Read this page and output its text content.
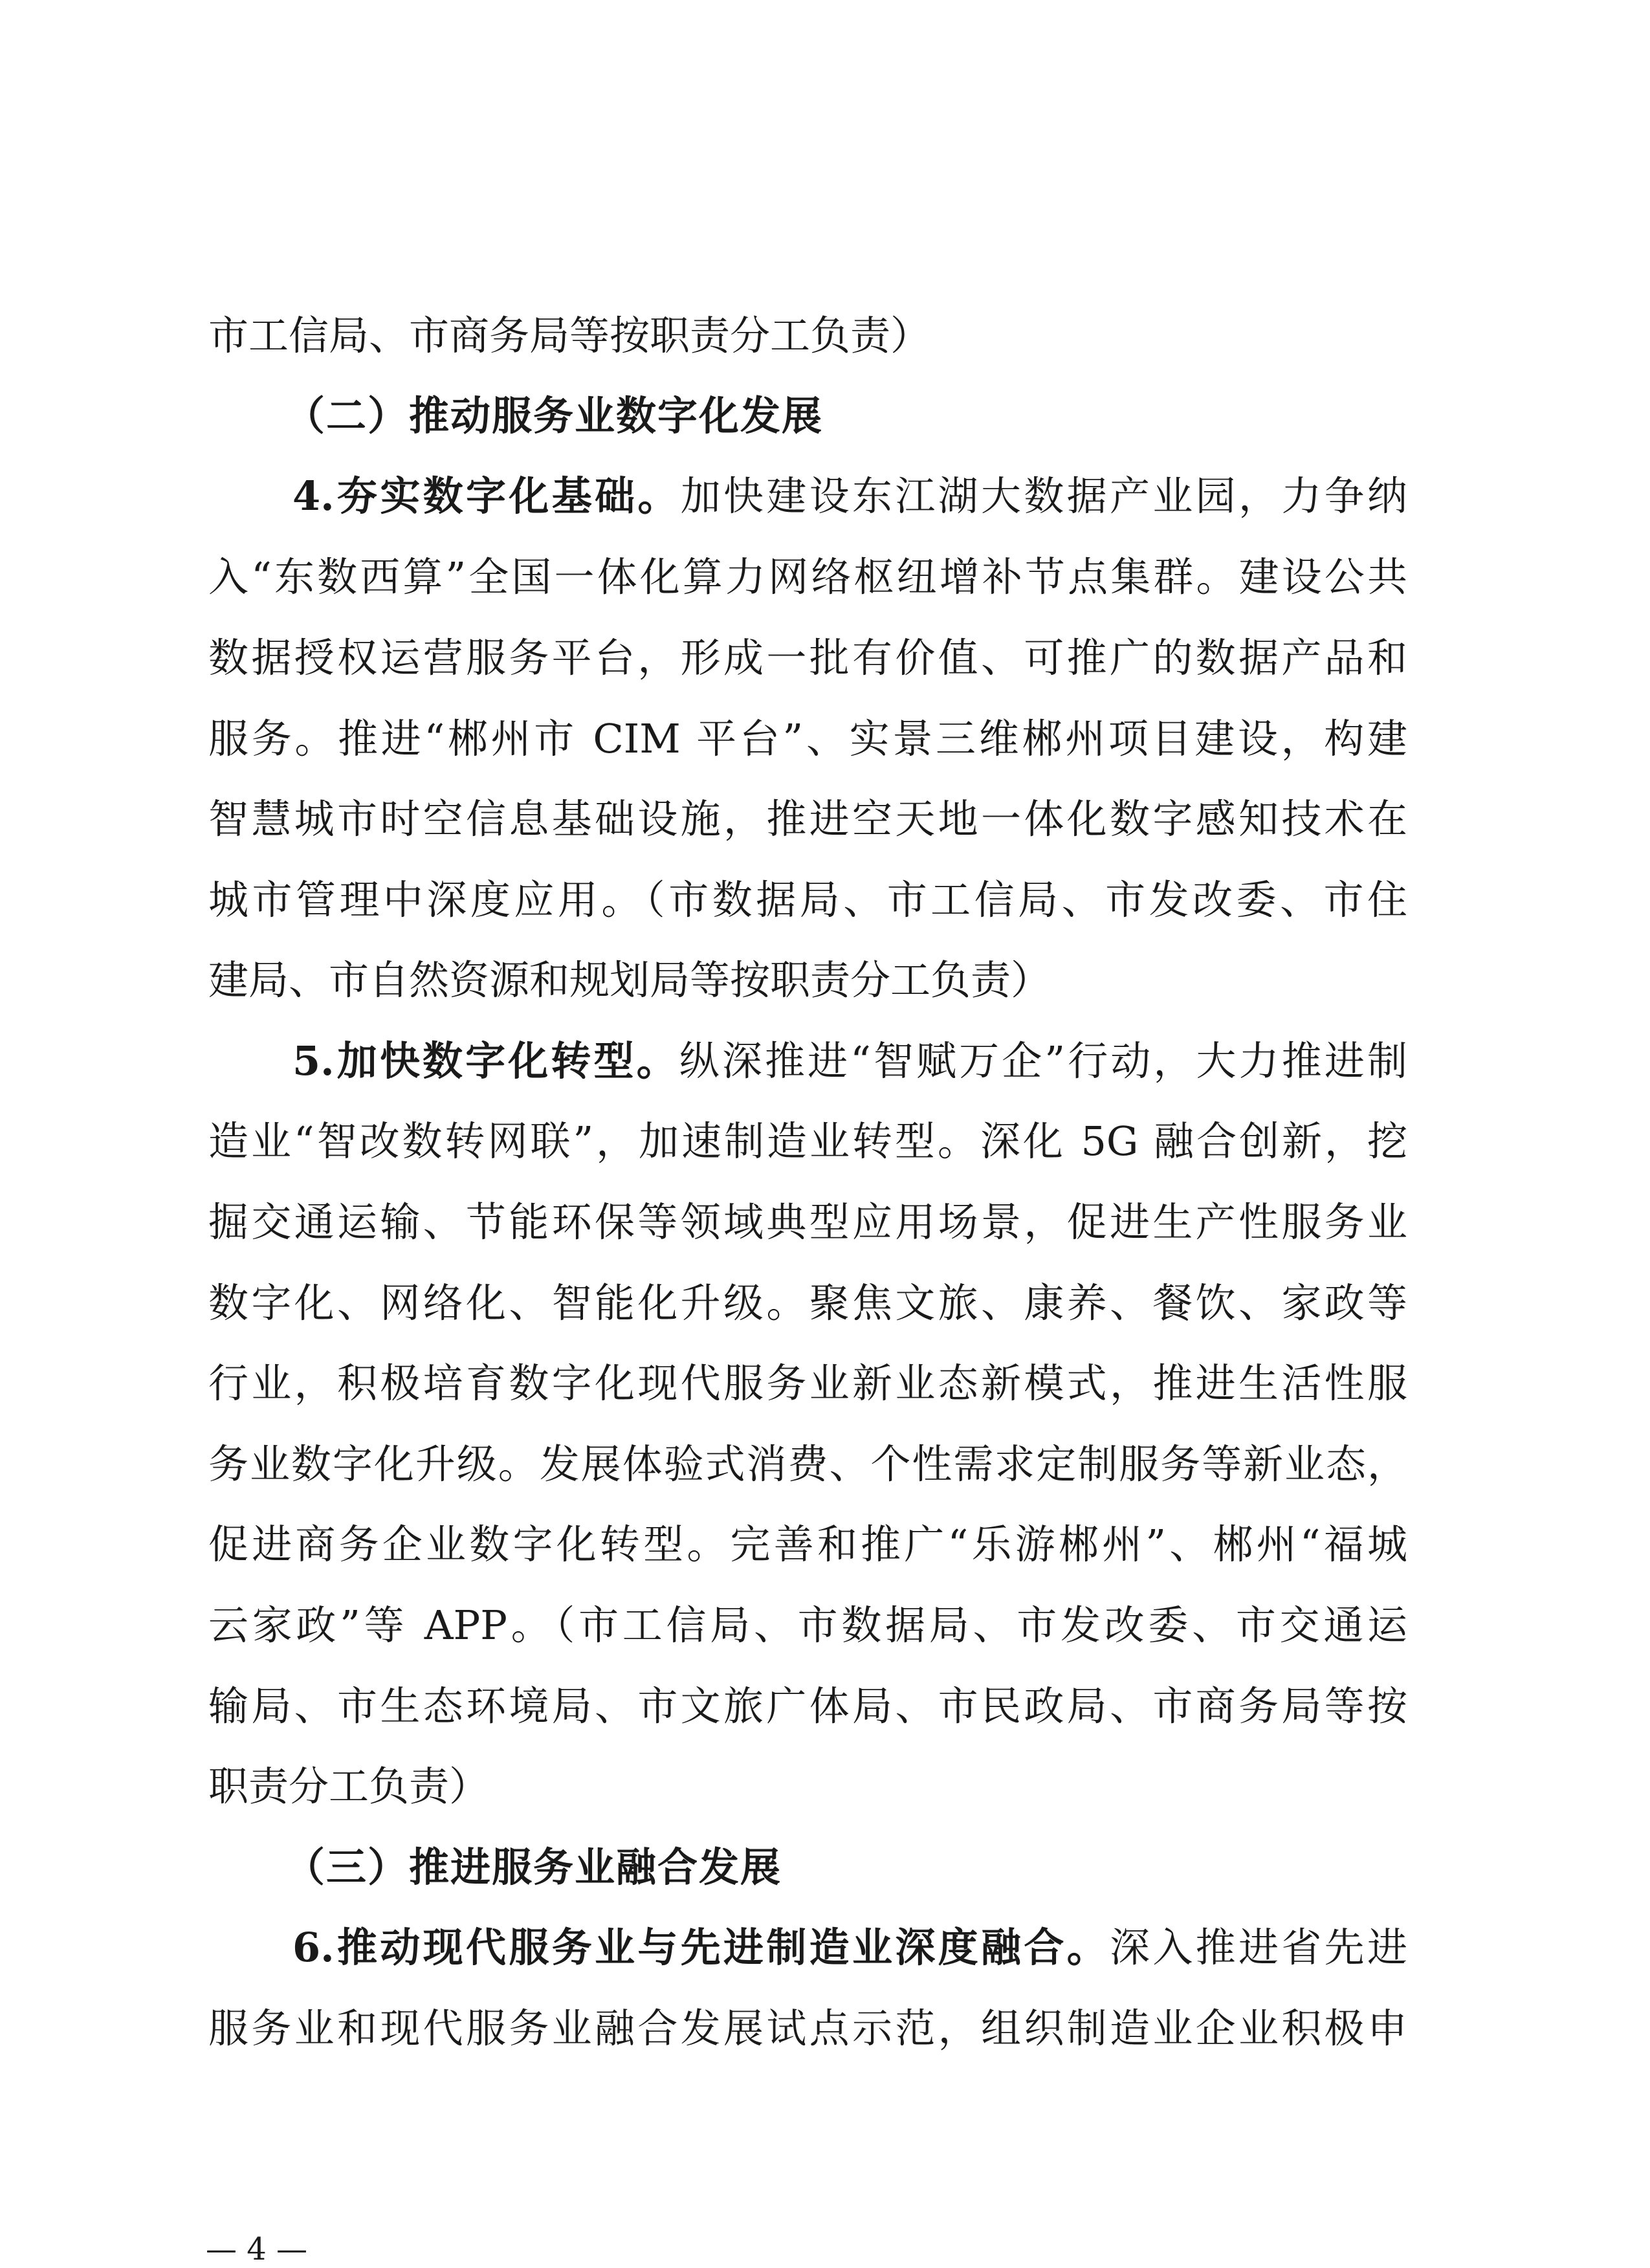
市工信局、市商务局等按职责分工负责）
（二）推动服务业数字化发展
4.夯实数字化基础。加快建设东江湖大数据产业园，力争纳
入“东数西算”全国一体化算力网络枢纽增补节点集群。建设公共
数据授权运营服务平台，形成一批有价值、可推广的数据产品和
服务。推进“郴州市 CIM 平台”、实景三维郴州项目建设，构建
智慧城市时空信息基础设施，推进空天地一体化数字感知技术在
城市管理中深度应用。（市数据局、市工信局、市发改委、市住
建局、市自然资源和规划局等按职责分工负责）
5.加快数字化转型。纵深推进“智赋万企”行动，大力推进制
造业“智改数转网联”，加速制造业转型。深化 5G 融合创新，挖
掘交通运输、节能环保等领域典型应用场景，促进生产性服务业
数字化、网络化、智能化升级。聚焦文旅、康养、餐饮、家政等
行业，积极培育数字化现代服务业新业态新模式，推进生活性服
务业数字化升级。发展体验式消费、个性需求定制服务等新业态，
促进商务企业数字化转型。完善和推广“乐游郴州”、郴州“福城
云家政”等 APP。（市工信局、市数据局、市发改委、市交通运
输局、市生态环境局、市文旅广体局、市民政局、市商务局等按
职责分工负责）
（三）推进服务业融合发展
6.推动现代服务业与先进制造业深度融合。深入推进省先进
服务业和现代服务业融合发展试点示范，组织制造业企业积极申
— 4 —
